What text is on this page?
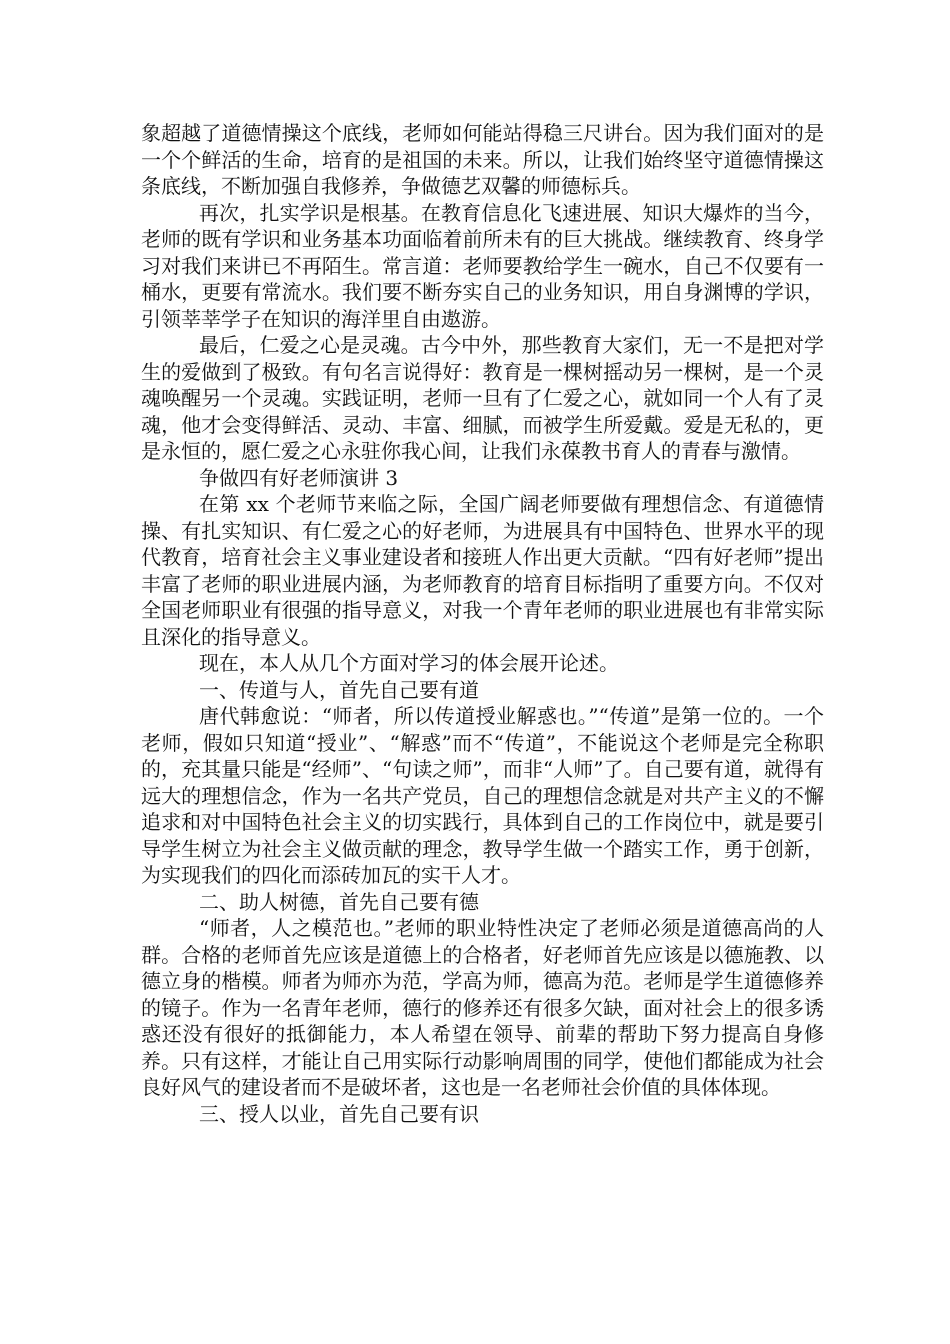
象超越了道德情操这个底线，老师如何能站得稳三尺讲台。因为我们面对的是一个个鲜活的生命，培育的是祖国的未来。所以，让我们始终坚守道德情操这条底线，不断加强自我修养，争做德艺双馨的师德标兵。

再次，扎实学识是根基。在教育信息化飞速进展、知识大爆炸的当今，老师的既有学识和业务基本功面临着前所未有的巨大挑战。继续教育、终身学习对我们来讲已不再陌生。常言道：老师要教给学生一碗水，自己不仅要有一桶水，更要有常流水。我们要不断夯实自己的业务知识，用自身渊博的学识，引领莘莘学子在知识的海洋里自由遨游。

最后，仁爱之心是灵魂。古今中外，那些教育大家们，无一不是把对学生的爱做到了极致。有句名言说得好：教育是一棵树摇动另一棵树，是一个灵魂唤醒另一个灵魂。实践证明，老师一旦有了仁爱之心，就如同一个人有了灵魂，他才会变得鲜活、灵动、丰富、细腻，而被学生所爱戴。爱是无私的，更是永恒的，愿仁爱之心永驻你我心间，让我们永葆教书育人的青春与激情。

争做四有好老师演讲 3

在第 xx 个老师节来临之际，全国广阔老师要做有理想信念、有道德情操、有扎实知识、有仁爱之心的好老师，为进展具有中国特色、世界水平的现代教育，培育社会主义事业建设者和接班人作出更大贡献。“四有好老师”提出丰富了老师的职业进展内涵，为老师教育的培育目标指明了重要方向。不仅对全国老师职业有很强的指导意义，对我一个青年老师的职业进展也有非常实际且深化的指导意义。

现在，本人从几个方面对学习的体会展开论述。

一、传道与人，首先自己要有道

唐代韩愈说：“师者，所以传道授业解惑也。”“传道”是第一位的。一个老师，假如只知道“授业”、“解惑”而不“传道”，不能说这个老师是完全称职的，充其量只能是“经师”、“句读之师”，而非“人师”了。自己要有道，就得有远大的理想信念，作为一名共产党员，自己的理想信念就是对共产主义的不懈追求和对中国特色社会主义的切实践行，具体到自己的工作岗位中，就是要引导学生树立为社会主义做贡献的理念，教导学生做一个踏实工作，勇于创新，为实现我们的四化而添砖加瓦的实干人才。

二、助人树德，首先自己要有德

“师者，人之模范也。”老师的职业特性决定了老师必须是道德高尚的人群。合格的老师首先应该是道德上的合格者，好老师首先应该是以德施教、以德立身的楷模。师者为师亦为范，学高为师，德高为范。老师是学生道德修养的镜子。作为一名青年老师，德行的修养还有很多欠缺，面对社会上的很多诱惑还没有很好的抵御能力，本人希望在领导、前辈的帮助下努力提高自身修养。只有这样，才能让自己用实际行动影响周围的同学，使他们都能成为社会良好风气的建设者而不是破坏者，这也是一名老师社会价值的具体体现。

三、授人以业，首先自己要有识
